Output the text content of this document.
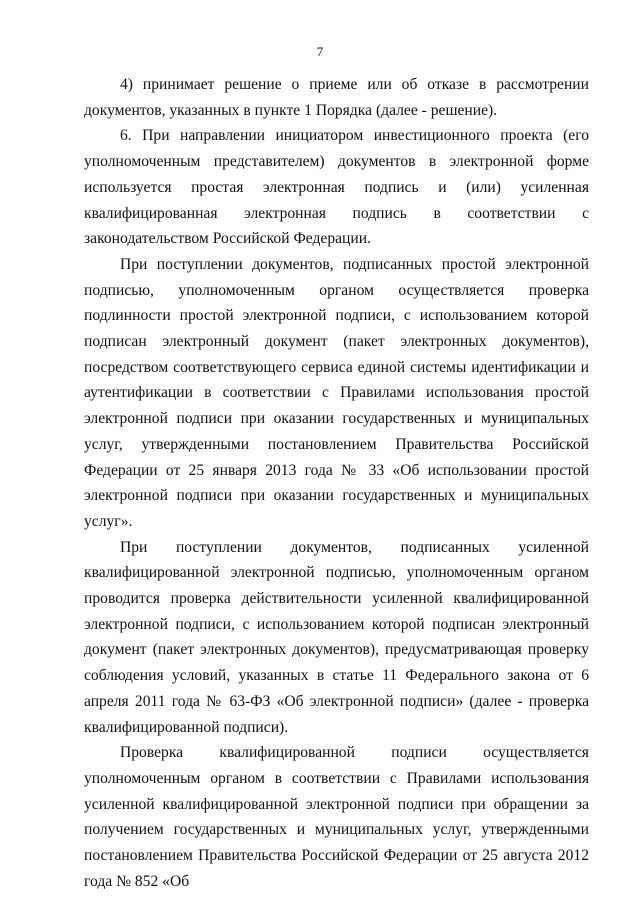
7

4) принимает решение о приеме или об отказе в рассмотрении документов, указанных в пункте 1 Порядка (далее - решение).

6. При направлении инициатором инвестиционного проекта (его уполномоченным представителем) документов в электронной форме используется простая электронная подпись и (или) усиленная квалифицированная электронная подпись в соответствии с законодательством Российской Федерации.

При поступлении документов, подписанных простой электронной подписью, уполномоченным органом осуществляется проверка подлинности простой электронной подписи, с использованием которой подписан электронный документ (пакет электронных документов), посредством соответствующего сервиса единой системы идентификации и аутентификации в соответствии с Правилами использования простой электронной подписи при оказании государственных и муниципальных услуг, утвержденными постановлением Правительства Российской Федерации от 25 января 2013 года № 33 «Об использовании простой электронной подписи при оказании государственных и муниципальных услуг».

При поступлении документов, подписанных усиленной квалифицированной электронной подписью, уполномоченным органом проводится проверка действительности усиленной квалифицированной электронной подписи, с использованием которой подписан электронный документ (пакет электронных документов), предусматривающая проверку соблюдения условий, указанных в статье 11 Федерального закона от 6 апреля 2011 года № 63-ФЗ «Об электронной подписи» (далее - проверка квалифицированной подписи).

Проверка квалифицированной подписи осуществляется уполномоченным органом в соответствии с Правилами использования усиленной квалифицированной электронной подписи при обращении за получением государственных и муниципальных услуг, утвержденными постановлением Правительства Российской Федерации от 25 августа 2012 года № 852 «Об
